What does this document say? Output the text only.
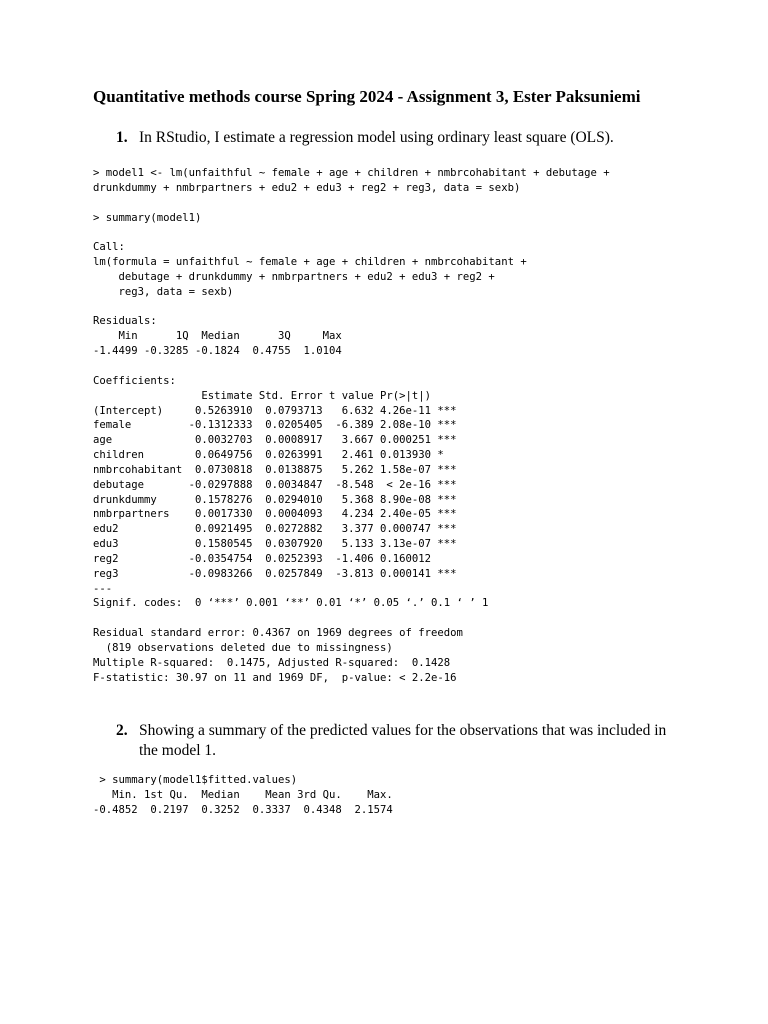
Quantitative methods course Spring 2024 - Assignment 3, Ester Paksuniemi
1. In RStudio, I estimate a regression model using ordinary least square (OLS).
> model1 <- lm(unfaithful ~ female + age + children + nmbrcohabitant + debutage +
drunkdummy + nmbrpartners + edu2 + edu3 + reg2 + reg3, data = sexb)

> summary(model1)

Call:
lm(formula = unfaithful ~ female + age + children + nmbrcohabitant +
debutage + drunkdummy + nmbrpartners + edu2 + edu3 + reg2 +
reg3, data = sexb)

Residuals:
Min      1Q  Median      3Q     Max
-1.4499 -0.3285 -0.1824  0.4755  1.0104

Coefficients:
Estimate Std. Error t value Pr(>|t|)
(Intercept)     0.5263910  0.0793713   6.632 4.26e-11 ***
female         -0.1312333  0.0205405  -6.389 2.08e-10 ***
age             0.0032703  0.0008917   3.667 0.000251 ***
children        0.0649756  0.0263991   2.461 0.013930 *
nmbrcohabitant  0.0730818  0.0138875   5.262 1.58e-07 ***
debutage       -0.0297888  0.0034847  -8.548  < 2e-16 ***
drunkdummy      0.1578276  0.0294010   5.368 8.90e-08 ***
nmbrpartners    0.0017330  0.0004093   4.234 2.40e-05 ***
edu2            0.0921495  0.0272882   3.377 0.000747 ***
edu3            0.1580545  0.0307920   5.133 3.13e-07 ***
reg2           -0.0354754  0.0252393  -1.406 0.160012
reg3           -0.0983266  0.0257849  -3.813 0.000141 ***
---
Signif. codes:  0 ‘***’ 0.001 ‘**’ 0.01 ‘*’ 0.05 ‘.’ 0.1 ‘ ’ 1

Residual standard error: 0.4367 on 1969 degrees of freedom
(819 observations deleted due to missingness)
Multiple R-squared:  0.1475, Adjusted R-squared:  0.1428
F-statistic: 30.97 on 11 and 1969 DF,  p-value: < 2.2e-16
2. Showing a summary of the predicted values for the observations that was included in the model 1.
> summary(model1$fitted.values)
Min. 1st Qu.  Median    Mean 3rd Qu.    Max.
-0.4852  0.2197  0.3252  0.3337  0.4348  2.1574
